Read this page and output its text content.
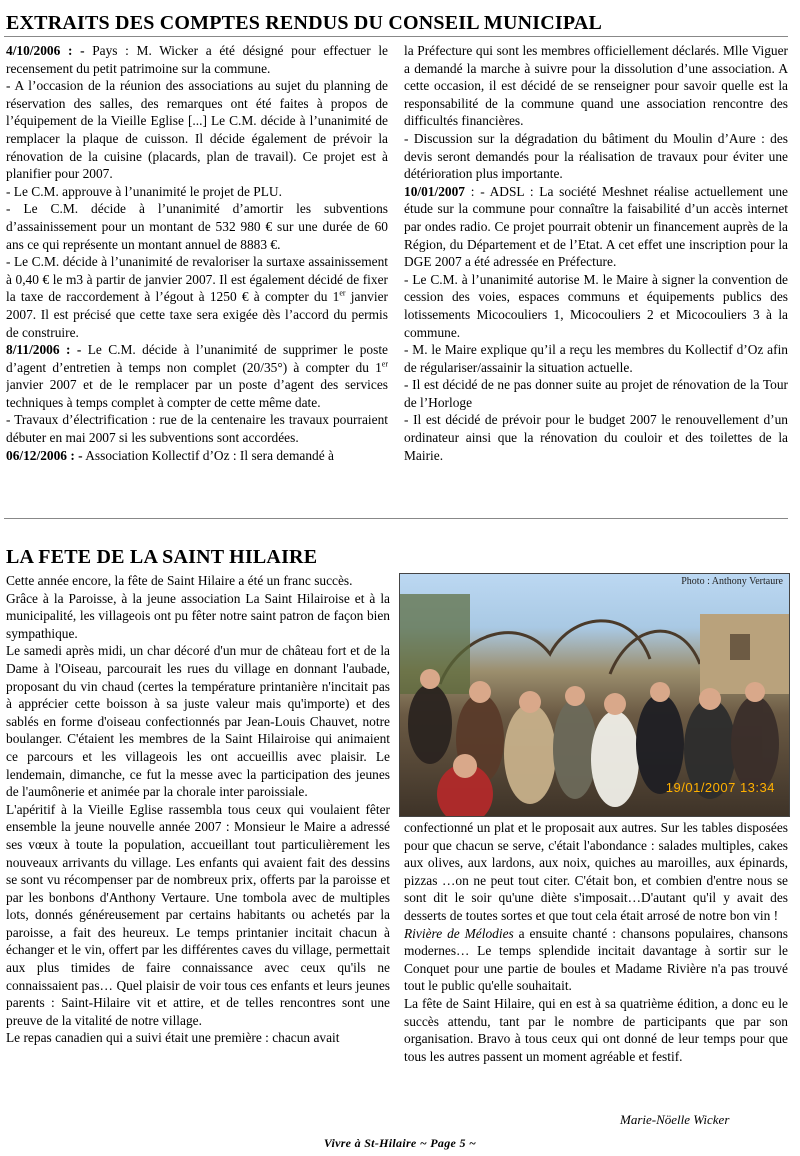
EXTRAITS DES COMPTES RENDUS DU CONSEIL MUNICIPAL

4/10/2006 : - Pays : M. Wicker a été désigné pour effectuer le recensement du petit patrimoine sur la commune.

- A l’occasion de la réunion des associations au sujet du planning de réservation des salles, des remarques ont été faites à propos de l’équipement de la Vieille Eglise [...] Le C.M. décide à l’unanimité de remplacer la plaque de cuisson. Il décide également de prévoir la rénovation de la cuisine (placards, plan de travail). Ce projet est à planifier pour 2007.

- Le C.M. approuve à l’unanimité le projet de PLU.

- Le C.M. décide à l’unanimité d’amortir les subventions d’assainissement pour un montant de 532 980 € sur une durée de 60 ans ce qui représente un montant annuel de 8883 €.

- Le C.M. décide à l’unanimité de revaloriser la surtaxe assainissement à 0,40 € le m3 à partir de janvier 2007. Il est également décidé de fixer la taxe de raccordement à l’égout à 1250 € à compter du 1er janvier 2007. Il est précisé que cette taxe sera exigée dès l’accord du permis de construire.

8/11/2006 : - Le C.M. décide à l’unanimité de supprimer le poste d’agent d’entretien à temps non complet (20/35°) à compter du 1er janvier 2007 et de le remplacer par un poste d’agent des services techniques à temps complet à compter de cette même date.

- Travaux d’électrification : rue de la centenaire les travaux pourraient débuter en mai 2007 si les subventions sont accordées.

06/12/2006 : - Association Kollectif d’Oz : Il sera demandé à

la Préfecture qui sont les membres officiellement déclarés. Mlle Viguer a demandé la marche à suivre pour la dissolution d’une association. A cette occasion, il est décidé de se renseigner pour savoir quelle est la responsabilité de la commune quand une association rencontre des difficultés financières.

- Discussion sur la dégradation du bâtiment du Moulin d’Aure : des devis seront demandés pour la réalisation de travaux pour éviter une détérioration plus importante.

10/01/2007 : - ADSL : La société Meshnet réalise actuellement une étude sur la commune pour connaître la faisabilité d’un accès internet par ondes radio. Ce projet pourrait obtenir un financement auprès de la Région, du Département et de l’Etat. A cet effet une inscription pour la DGE 2007 a été adressée en Préfecture.

- Le C.M. à l’unanimité autorise M. le Maire à signer la convention de cession des voies, espaces communs et équipements publics des lotissements Micocouliers 1, Micocouliers 2 et Micocouliers 3 à la commune.

- M. le Maire explique qu’il a reçu les membres du Kollectif d’Oz afin de régulariser/assainir la situation actuelle.

- Il est décidé de ne pas donner suite au projet de rénovation de la Tour de l’Horloge

- Il est décidé de prévoir pour le budget 2007 le renouvellement d’un ordinateur ainsi que la rénovation du couloir et des toilettes de la Mairie.

LA FETE DE LA SAINT HILAIRE

Cette année encore, la fête de Saint Hilaire a été un franc succès.

Grâce à la Paroisse, à la jeune association La Saint Hilairoise et à la municipalité, les villageois ont pu fêter notre saint patron de façon bien sympathique.

Le samedi après midi, un char décoré d'un mur de château fort et de la Dame à l'Oiseau, parcourait les rues du village en donnant l'aubade, proposant du vin chaud (certes la température printanière n'incitait pas à apprécier cette boisson à sa juste valeur mais qu'importe) et des sablés en forme d'oiseau confectionnés par Jean-Louis Chauvet, notre boulanger. C'étaient les membres de la Saint Hilairoise qui animaient ce parcours et les villageois les ont accueillis avec plaisir. Le lendemain, dimanche, ce fut la messe avec la participation des jeunes de l'aumônerie et animée par la chorale inter paroissiale.

L'apéritif à la Vieille Eglise rassembla tous ceux qui voulaient fêter ensemble la jeune nouvelle année 2007 : Monsieur le Maire a adressé ses vœux à toute la population, accueillant tout particulièrement les nouveaux arrivants du village. Les enfants qui avaient fait des dessins se sont vu récompenser par de nombreux prix, offerts par la paroisse et par les bonbons d'Anthony Vertaure. Une tombola avec de multiples lots, donnés généreusement par certains habitants ou achetés par la paroisse, a fait des heureux. Le temps printanier incitait chacun à échanger et le vin, offert par les différentes caves du village, permettait aux plus timides de faire connaissance avec ceux qu'ils ne connaissaient pas… Quel plaisir de voir tous ces enfants et leurs jeunes parents : Saint-Hilaire vit et attire, et de telles rencontres sont une preuve de la vitalité de notre village.

Le repas canadien qui a suivi était une première : chacun avait

Photo : Anthony Vertaure
19/01/2007 13:34

confectionné un plat et le proposait aux autres. Sur les tables disposées pour que chacun se serve, c'était l'abondance : salades multiples, cakes aux olives, aux lardons, aux noix, quiches au maroilles, aux épinards, pizzas …on ne peut tout citer. C'était bon, et combien d'entre nous se sont dit le soir qu'une diète s'imposait…D'autant qu'il y avait des desserts de toutes sortes et que tout cela était arrosé de notre bon vin !

Rivière de Mélodies a ensuite chanté : chansons populaires, chansons modernes… Le temps splendide incitait davantage à sortir sur le Conquet pour une partie de boules et Madame Rivière n'a pas trouvé tout le public qu'elle souhaitait.

La fête de Saint Hilaire, qui en est à sa quatrième édition, a donc eu le succès attendu, tant par le nombre de participants que par son organisation. Bravo à tous ceux qui ont donné de leur temps pour que tous les autres passent un moment agréable et festif.

Marie-Nöelle Wicker
Vivre à St-Hilaire ~ Page 5 ~
